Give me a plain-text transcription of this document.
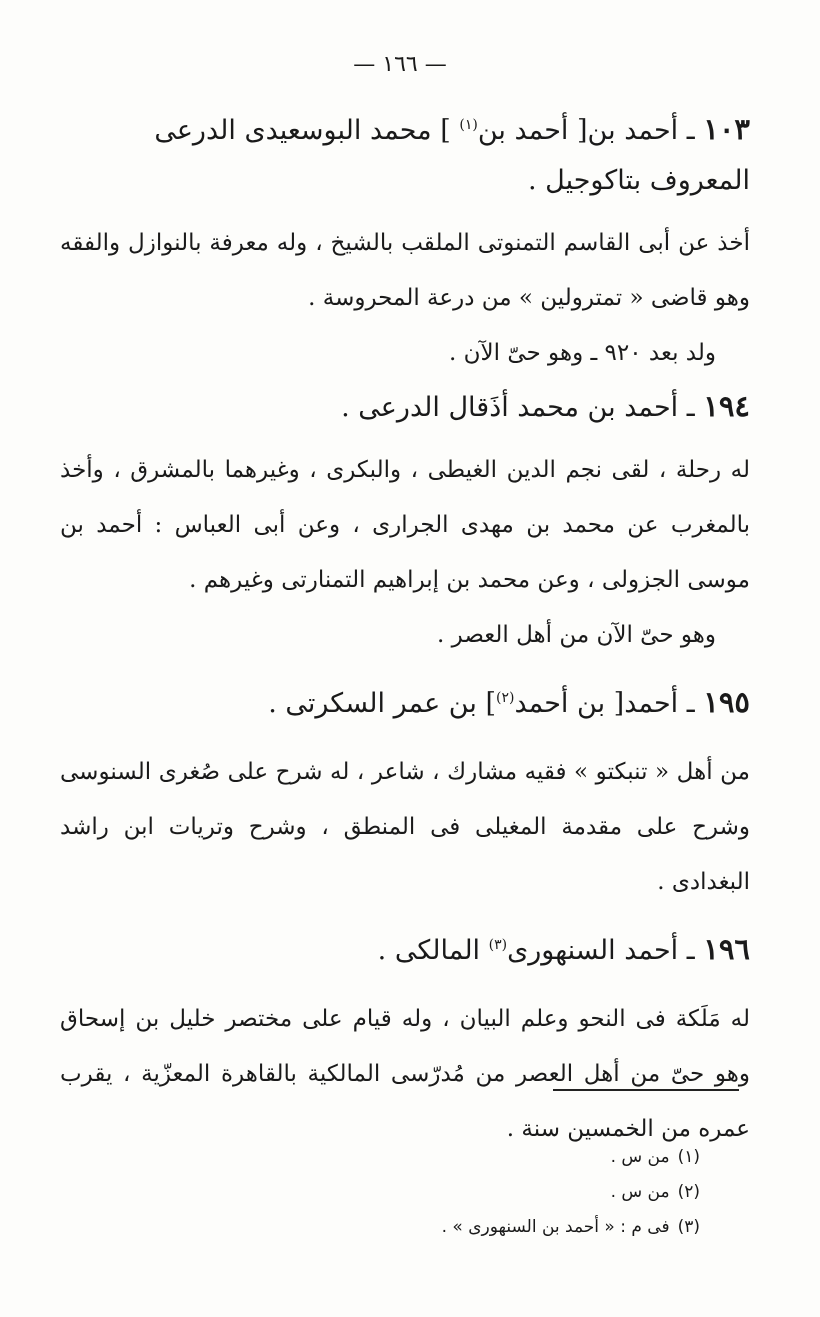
— ١٦٦ —

١٠٣ ـ أحمد بن[ أحمد بن$^{(١)}$ ] محمد البوسعيدى الدرعى المعروف بتاكوجيل .

أخذ عن أبى القاسم التمنوتى الملقب بالشيخ ، وله معرفة بالنوازل والفقه وهو قاضى « تمترولين » من درعة المحروسة .

ولد بعد ٩٢٠ ـ وهو حىّ الآن .

١٩٤ ـ أحمد بن محمد أذَقال الدرعى .

له رحلة ، لقى نجم الدين الغيطى ، والبكرى ، وغيرهما بالمشرق ، وأخذ بالمغرب عن محمد بن مهدى الجرارى ، وعن أبى العباس : أحمد بن موسى الجزولى ، وعن محمد بن إبراهيم التمنارتى وغيرهم .

وهو حىّ الآن من أهل العصر .

١٩٥ ـ أحمد[ بن أحمد$^{(٢)}$] بن عمر السكرتى .

من أهل « تنبكتو » فقيه مشارك ، شاعر ، له شرح على صُغرى السنوسى وشرح على مقدمة المغيلى فى المنطق ، وشرح وتريات ابن راشد البغدادى .

١٩٦ ـ أحمد السنهورى$^{(٣)}$ المالكى .

له مَلَكة فى النحو وعلم البيان ، وله قيام على مختصر خليل بن إسحاق وهو حىّ من أهل العصر من مُدرّسى المالكية بالقاهرة المعزّية ، يقرب عمره من الخمسين سنة .

(١)من س .

(٢)من س .

(٣)فى م : « أحمد بن السنهورى » .
